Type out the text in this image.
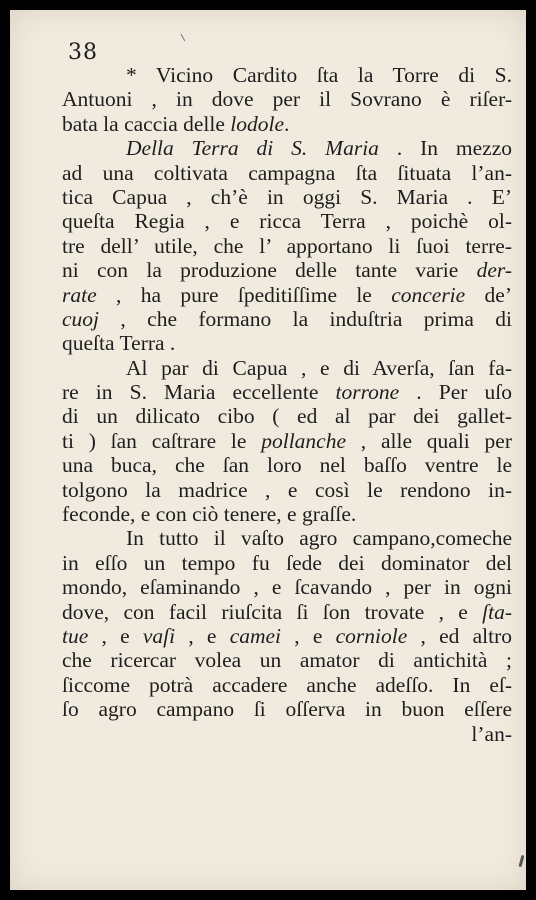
38
* Vicino Cardito ſta la Torre di S.
Antuoni , in dove per il Sovrano è riſer-
bata la caccia delle lodole.
Della Terra di S. Maria . In mezzo
ad una coltivata campagna ſta ſituata l’an-
tica Capua , ch’è in oggi S. Maria . E’
queſta Regia , e ricca Terra , poichè ol-
tre dell’ utile, che l’ apportano li ſuoi terre-
ni con la produzione delle tante varie der-
rate , ha pure ſpeditiſſime le concerie de’
cuoj , che formano la induſtria prima di
queſta Terra .
Al par di Capua , e di Averſa, ſan fa-
re in S. Maria eccellente torrone . Per uſo
di un dilicato cibo ( ed al par dei gallet-
ti ) ſan caſtrare le pollanche , alle quali per
una buca, che ſan loro nel baſſo ventre le
tolgono la madrice , e così le rendono in-
feconde, e con ciò tenere, e graſſe.
In tutto il vaſto agro campano,comeche
in eſſo un tempo fu ſede dei dominator del
mondo, eſaminando , e ſcavando , per in ogni
dove, con facil riuſcita ſi ſon trovate , e ſta-
tue , e vaſi , e camei , e corniole , ed altro
che ricercar volea un amator di antichità ;
ſiccome potrà accadere anche adeſſo. In eſ-
ſo agro campano ſi oſſerva in buon eſſere
l’an-
